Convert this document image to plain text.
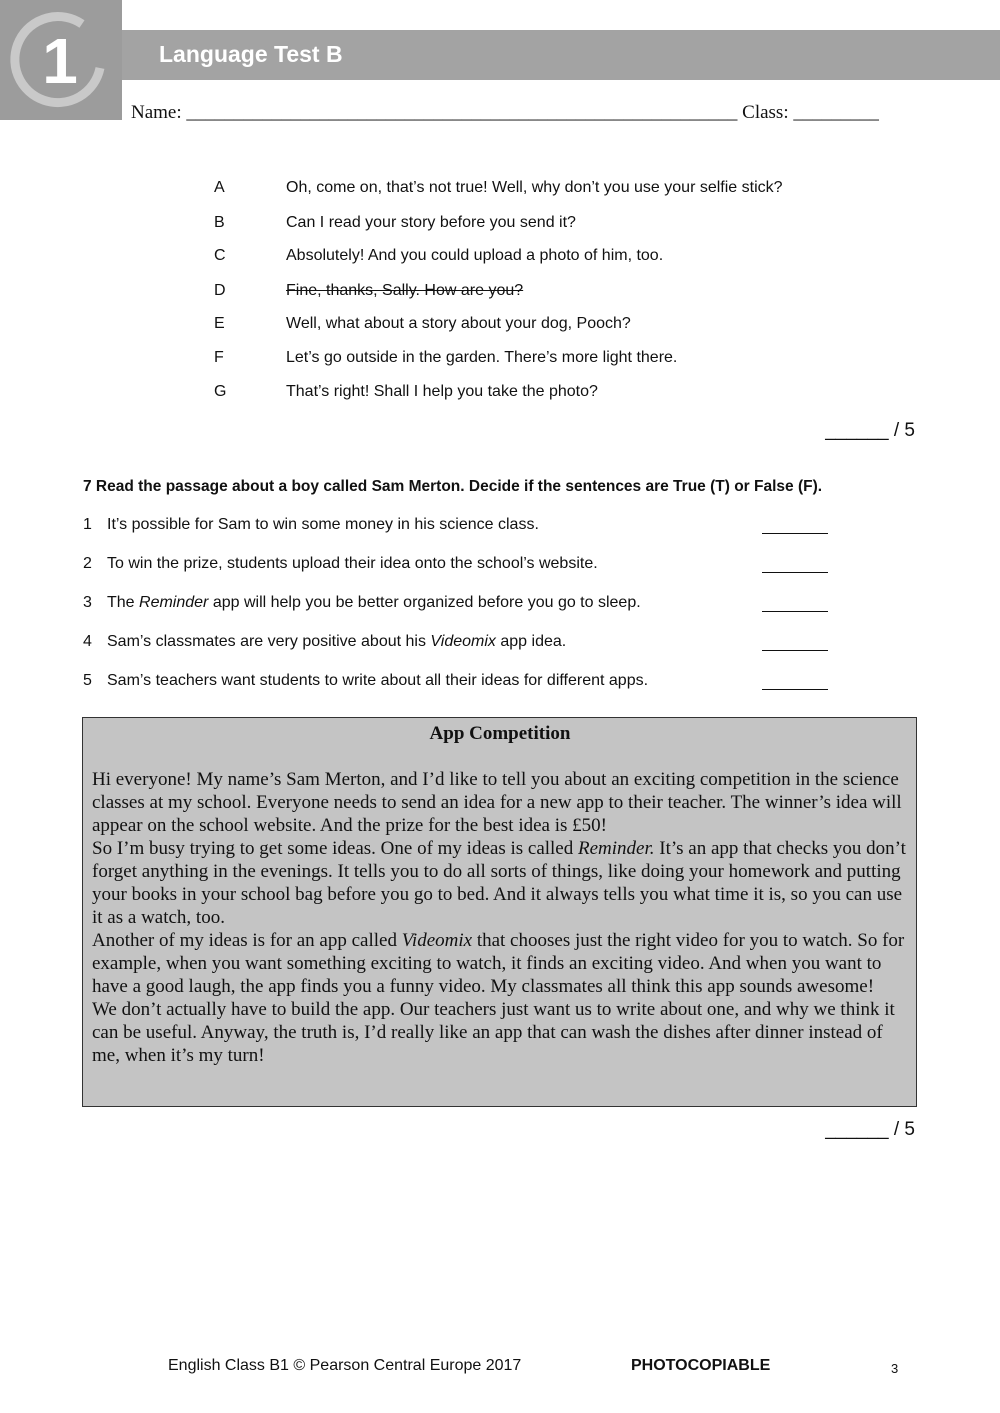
1	Language Test B
Name: __________________________________________________________ Class: _________
A	Oh, come on, that’s not true! Well, why don’t you use your selfie stick?
B	Can I read your story before you send it?
C	Absolutely! And you could upload a photo of him, too.
D	Fine, thanks, Sally. How are you?
E	Well, what about a story about your dog, Pooch?
F	Let’s go outside in the garden. There’s more light there.
G	That’s right! Shall I help you take the photo?
______ / 5
7 Read the passage about a boy called Sam Merton. Decide if the sentences are True (T) or False (F).
1 It’s possible for Sam to win some money in his science class.
2 To win the prize, students upload their idea onto the school’s website.
3 The Reminder app will help you be better organized before you go to sleep.
4 Sam’s classmates are very positive about his Videomix app idea.
5 Sam’s teachers want students to write about all their ideas for different apps.
App Competition

Hi everyone! My name’s Sam Merton, and I’d like to tell you about an exciting competition in the science classes at my school. Everyone needs to send an idea for a new app to their teacher. The winner’s idea will appear on the school website. And the prize for the best idea is £50!

So I’m busy trying to get some ideas. One of my ideas is called Reminder. It’s an app that checks you don’t forget anything in the evenings. It tells you to do all sorts of things, like doing your homework and putting your books in your school bag before you go to bed. And it always tells you what time it is, so you can use it as a watch, too.

Another of my ideas is for an app called Videomix that chooses just the right video for you to watch. So for example, when you want something exciting to watch, it finds an exciting video. And when you want to have a good laugh, the app finds you a funny video. My classmates all think this app sounds awesome!

We don’t actually have to build the app. Our teachers just want us to write about one, and why we think it can be useful. Anyway, the truth is, I’d really like an app that can wash the dishes after dinner instead of me, when it’s my turn!

______ / 5
English Class B1 © Pearson Central Europe 2017	PHOTOCOPIABLE	3
